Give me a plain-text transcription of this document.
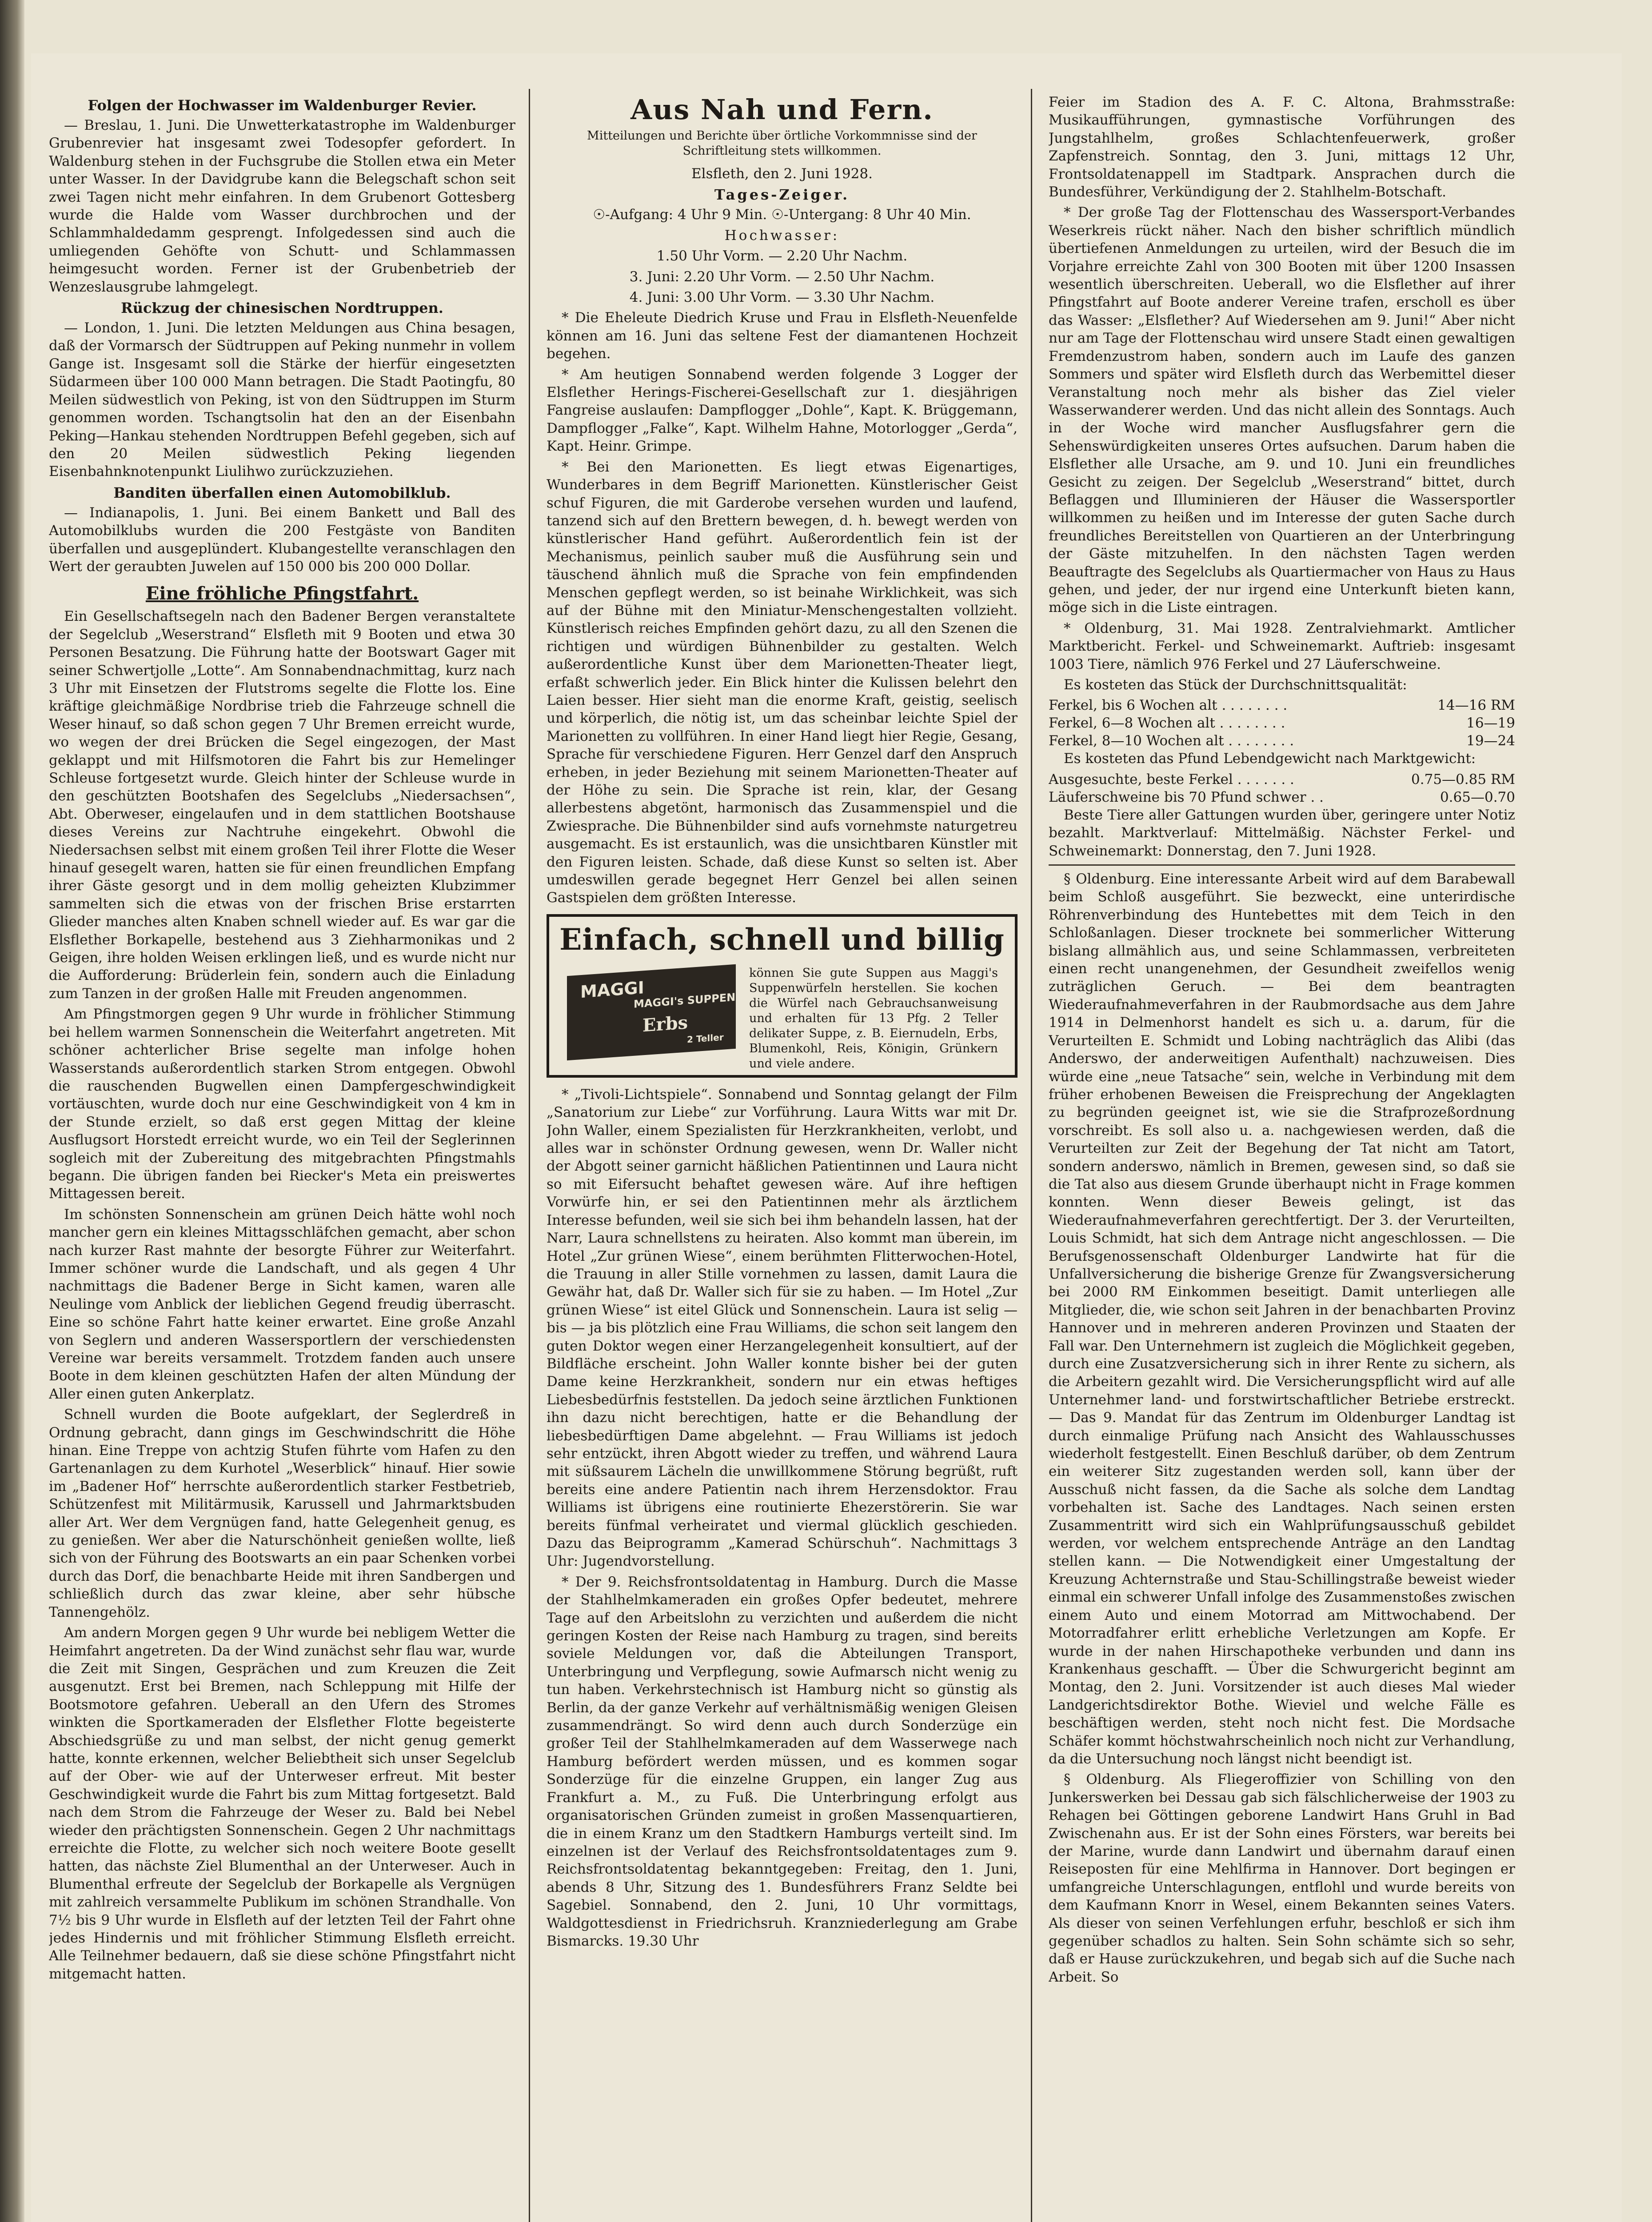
Folgen der Hochwasser im Waldenburger Revier.

— Breslau, 1. Juni. Die Unwetterkatastrophe im Waldenburger Grubenrevier hat insgesamt zwei Todesopfer gefordert. In Waldenburg stehen in der Fuchsgrube die Stollen etwa ein Meter unter Wasser. In der Davidgrube kann die Belegschaft schon seit zwei Tagen nicht mehr einfahren. In dem Grubenort Gottesberg wurde die Halde vom Wasser durchbrochen und der Schlammhaldedamm gesprengt. Infolgedessen sind auch die umliegenden Gehöfte von Schutt- und Schlammassen heimgesucht worden. Ferner ist der Grubenbetrieb der Wenzeslausgrube lahmgelegt.

Rückzug der chinesischen Nordtruppen.

— London, 1. Juni. Die letzten Meldungen aus China besagen, daß der Vormarsch der Südtruppen auf Peking nunmehr in vollem Gange ist. Insgesamt soll die Stärke der hierfür eingesetzten Südarmeen über 100 000 Mann betragen. Die Stadt Paotingfu, 80 Meilen südwestlich von Peking, ist von den Südtruppen im Sturm genommen worden. Tschangtsolin hat den an der Eisenbahn Peking—Hankau stehenden Nordtruppen Befehl gegeben, sich auf den 20 Meilen südwestlich Peking liegenden Eisenbahnknotenpunkt Liulihwo zurückzuziehen.

Banditen überfallen einen Automobilklub.

— Indianapolis, 1. Juni. Bei einem Bankett und Ball des Automobilklubs wurden die 200 Festgäste von Banditen überfallen und ausgeplündert. Klubangestellte veranschlagen den Wert der geraubten Juwelen auf 150 000 bis 200 000 Dollar.

Eine fröhliche Pfingstfahrt.

Ein Gesellschaftsegeln nach den Badener Bergen veranstaltete der Segelclub „Weserstrand“ Elsfleth mit 9 Booten und etwa 30 Personen Besatzung. Die Führung hatte der Bootswart Gager mit seiner Schwertjolle „Lotte“. Am Sonnabendnachmittag, kurz nach 3 Uhr mit Einsetzen der Flutstroms segelte die Flotte los. Eine kräftige gleichmäßige Nordbrise trieb die Fahrzeuge schnell die Weser hinauf, so daß schon gegen 7 Uhr Bremen erreicht wurde, wo wegen der drei Brücken die Segel eingezogen, der Mast geklappt und mit Hilfsmotoren die Fahrt bis zur Hemelinger Schleuse fortgesetzt wurde. Gleich hinter der Schleuse wurde in den geschützten Bootshafen des Segelclubs „Niedersachsen“, Abt. Oberweser, eingelaufen und in dem stattlichen Bootshause dieses Vereins zur Nachtruhe eingekehrt. Obwohl die Niedersachsen selbst mit einem großen Teil ihrer Flotte die Weser hinauf gesegelt waren, hatten sie für einen freundlichen Empfang ihrer Gäste gesorgt und in dem mollig geheizten Klubzimmer sammelten sich die etwas von der frischen Brise erstarrten Glieder manches alten Knaben schnell wieder auf. Es war gar die Elsflether Borkapelle, bestehend aus 3 Ziehharmonikas und 2 Geigen, ihre holden Weisen erklingen ließ, und es wurde nicht nur die Aufforderung: Brüderlein fein, sondern auch die Einladung zum Tanzen in der großen Halle mit Freuden angenommen.

Am Pfingstmorgen gegen 9 Uhr wurde in fröhlicher Stimmung bei hellem warmen Sonnenschein die Weiterfahrt angetreten. Mit schöner achterlicher Brise segelte man infolge hohen Wasserstands außerordentlich starken Strom entgegen. Obwohl die rauschenden Bugwellen einen Dampfergeschwindigkeit vortäuschten, wurde doch nur eine Geschwindigkeit von 4 km in der Stunde erzielt, so daß erst gegen Mittag der kleine Ausflugsort Horstedt erreicht wurde, wo ein Teil der Seglerinnen sogleich mit der Zubereitung des mitgebrachten Pfingstmahls begann. Die übrigen fanden bei Riecker's Meta ein preiswertes Mittagessen bereit.

Im schönsten Sonnenschein am grünen Deich hätte wohl noch mancher gern ein kleines Mittagsschläfchen gemacht, aber schon nach kurzer Rast mahnte der besorgte Führer zur Weiterfahrt. Immer schöner wurde die Landschaft, und als gegen 4 Uhr nachmittags die Badener Berge in Sicht kamen, waren alle Neulinge vom Anblick der lieblichen Gegend freudig überrascht. Eine so schöne Fahrt hatte keiner erwartet. Eine große Anzahl von Seglern und anderen Wassersportlern der verschiedensten Vereine war bereits versammelt. Trotzdem fanden auch unsere Boote in dem kleinen geschützten Hafen der alten Mündung der Aller einen guten Ankerplatz.

Schnell wurden die Boote aufgeklart, der Seglerdreß in Ordnung gebracht, dann gings im Geschwindschritt die Höhe hinan. Eine Treppe von achtzig Stufen führte vom Hafen zu den Gartenanlagen zu dem Kurhotel „Weserblick“ hinauf. Hier sowie im „Badener Hof“ herrschte außerordentlich starker Festbetrieb, Schützenfest mit Militärmusik, Karussell und Jahrmarktsbuden aller Art. Wer dem Vergnügen fand, hatte Gelegenheit genug, es zu genießen. Wer aber die Naturschönheit genießen wollte, ließ sich von der Führung des Bootswarts an ein paar Schenken vorbei durch das Dorf, die benachbarte Heide mit ihren Sandbergen und schließlich durch das zwar kleine, aber sehr hübsche Tannengehölz.

Am andern Morgen gegen 9 Uhr wurde bei nebligem Wetter die Heimfahrt angetreten. Da der Wind zunächst sehr flau war, wurde die Zeit mit Singen, Gesprächen und zum Kreuzen die Zeit ausgenutzt. Erst bei Bremen, nach Schleppung mit Hilfe der Bootsmotore gefahren. Ueberall an den Ufern des Stromes winkten die Sportkameraden der Elsflether Flotte begeisterte Abschiedsgrüße zu und man selbst, der nicht genug gemerkt hatte, konnte erkennen, welcher Beliebtheit sich unser Segelclub auf der Ober- wie auf der Unterweser erfreut. Mit bester Geschwindigkeit wurde die Fahrt bis zum Mittag fortgesetzt. Bald nach dem Strom die Fahrzeuge der Weser zu. Bald bei Nebel wieder den prächtigsten Sonnenschein. Gegen 2 Uhr nachmittags erreichte die Flotte, zu welcher sich noch weitere Boote gesellt hatten, das nächste Ziel Blumenthal an der Unterweser. Auch in Blumenthal erfreute der Segelclub der Borkapelle als Vergnügen mit zahlreich versammelte Publikum im schönen Strandhalle. Von 7½ bis 9 Uhr wurde in Elsfleth auf der letzten Teil der Fahrt ohne jedes Hindernis und mit fröhlicher Stimmung Elsfleth erreicht. Alle Teilnehmer bedauern, daß sie diese schöne Pfingstfahrt nicht mitgemacht hatten.

Aus Nah und Fern.
Mitteilungen und Berichte über örtliche Vorkommnisse sind der Schriftleitung stets willkommen.

Elsfleth, den 2. Juni 1928.

Tages-Zeiger.

☉-Aufgang: 4 Uhr 9 Min. ☉-Untergang: 8 Uhr 40 Min.

Hochwasser:

1.50 Uhr Vorm. — 2.20 Uhr Nachm.

3. Juni: 2.20 Uhr Vorm. — 2.50 Uhr Nachm.

4. Juni: 3.00 Uhr Vorm. — 3.30 Uhr Nachm.

* Die Eheleute Diedrich Kruse und Frau in Elsfleth-Neuenfelde können am 16. Juni das seltene Fest der diamantenen Hochzeit begehen.

* Am heutigen Sonnabend werden folgende 3 Logger der Elsflether Herings-Fischerei-Gesellschaft zur 1. diesjährigen Fangreise auslaufen: Dampflogger „Dohle“, Kapt. K. Brüggemann, Dampflogger „Falke“, Kapt. Wilhelm Hahne, Motorlogger „Gerda“, Kapt. Heinr. Grimpe.

* Bei den Marionetten. Es liegt etwas Eigenartiges, Wunderbares in dem Begriff Marionetten. Künstlerischer Geist schuf Figuren, die mit Garderobe versehen wurden und laufend, tanzend sich auf den Brettern bewegen, d. h. bewegt werden von künstlerischer Hand geführt. Außerordentlich fein ist der Mechanismus, peinlich sauber muß die Ausführung sein und täuschend ähnlich muß die Sprache von fein empfindenden Menschen gepflegt werden, so ist beinahe Wirklichkeit, was sich auf der Bühne mit den Miniatur-Menschengestalten vollzieht. Künstlerisch reiches Empfinden gehört dazu, zu all den Szenen die richtigen und würdigen Bühnenbilder zu gestalten. Welch außerordentliche Kunst über dem Marionetten-Theater liegt, erfaßt schwerlich jeder. Ein Blick hinter die Kulissen belehrt den Laien besser. Hier sieht man die enorme Kraft, geistig, seelisch und körperlich, die nötig ist, um das scheinbar leichte Spiel der Marionetten zu vollführen. In einer Hand liegt hier Regie, Gesang, Sprache für verschiedene Figuren. Herr Genzel darf den Anspruch erheben, in jeder Beziehung mit seinem Marionetten-Theater auf der Höhe zu sein. Die Sprache ist rein, klar, der Gesang allerbestens abgetönt, harmonisch das Zusammenspiel und die Zwiesprache. Die Bühnenbilder sind aufs vornehmste naturgetreu ausgemacht. Es ist erstaunlich, was die unsichtbaren Künstler mit den Figuren leisten. Schade, daß diese Kunst so selten ist. Aber umdeswillen gerade begegnet Herr Genzel bei allen seinen Gastspielen dem größten Interesse.

Einfach, schnell und billig
MAGGI
MAGGI's SUPPEN
Erbs
2 Teller
können Sie gute Suppen aus Maggi's Suppenwürfeln herstellen. Sie kochen die Würfel nach Gebrauchsanweisung und erhalten für 13 Pfg. 2 Teller delikater Suppe, z. B. Eiernudeln, Erbs, Blumenkohl, Reis, Königin, Grünkern und viele andere.

* „Tivoli-Lichtspiele“. Sonnabend und Sonntag gelangt der Film „Sanatorium zur Liebe“ zur Vorführung. Laura Witts war mit Dr. John Waller, einem Spezialisten für Herzkrankheiten, verlobt, und alles war in schönster Ordnung gewesen, wenn Dr. Waller nicht der Abgott seiner garnicht häßlichen Patientinnen und Laura nicht so mit Eifersucht behaftet gewesen wäre. Auf ihre heftigen Vorwürfe hin, er sei den Patientinnen mehr als ärztlichem Interesse befunden, weil sie sich bei ihm behandeln lassen, hat der Narr, Laura schnellstens zu heiraten. Also kommt man überein, im Hotel „Zur grünen Wiese“, einem berühmten Flitterwochen-Hotel, die Trauung in aller Stille vornehmen zu lassen, damit Laura die Gewähr hat, daß Dr. Waller sich für sie zu haben. — Im Hotel „Zur grünen Wiese“ ist eitel Glück und Sonnenschein. Laura ist selig — bis — ja bis plötzlich eine Frau Williams, die schon seit langem den guten Doktor wegen einer Herzangelegenheit konsultiert, auf der Bildfläche erscheint. John Waller konnte bisher bei der guten Dame keine Herzkrankheit, sondern nur ein etwas heftiges Liebesbedürfnis feststellen. Da jedoch seine ärztlichen Funktionen ihn dazu nicht berechtigen, hatte er die Behandlung der liebesbedürftigen Dame abgelehnt. — Frau Williams ist jedoch sehr entzückt, ihren Abgott wieder zu treffen, und während Laura mit süßsaurem Lächeln die unwillkommene Störung begrüßt, ruft bereits eine andere Patientin nach ihrem Herzensdoktor. Frau Williams ist übrigens eine routinierte Ehezerstörerin. Sie war bereits fünfmal verheiratet und viermal glücklich geschieden. Dazu das Beiprogramm „Kamerad Schürschuh“. Nachmittags 3 Uhr: Jugendvorstellung.

* Der 9. Reichsfrontsoldatentag in Hamburg. Durch die Masse der Stahlhelmkameraden ein großes Opfer bedeutet, mehrere Tage auf den Arbeitslohn zu verzichten und außerdem die nicht geringen Kosten der Reise nach Hamburg zu tragen, sind bereits soviele Meldungen vor, daß die Abteilungen Transport, Unterbringung und Verpflegung, sowie Aufmarsch nicht wenig zu tun haben. Verkehrstechnisch ist Hamburg nicht so günstig als Berlin, da der ganze Verkehr auf verhältnismäßig wenigen Gleisen zusammendrängt. So wird denn auch durch Sonderzüge ein großer Teil der Stahlhelmkameraden auf dem Wasserwege nach Hamburg befördert werden müssen, und es kommen sogar Sonderzüge für die einzelne Gruppen, ein langer Zug aus Frankfurt a. M., zu Fuß. Die Unterbringung erfolgt aus organisatorischen Gründen zumeist in großen Massenquartieren, die in einem Kranz um den Stadtkern Hamburgs verteilt sind. Im einzelnen ist der Verlauf des Reichsfrontsoldatentages zum 9. Reichsfrontsoldatentag bekanntgegeben: Freitag, den 1. Juni, abends 8 Uhr, Sitzung des 1. Bundesführers Franz Seldte bei Sagebiel. Sonnabend, den 2. Juni, 10 Uhr vormittags, Waldgottesdienst in Friedrichsruh. Kranzniederlegung am Grabe Bismarcks. 19.30 Uhr

Feier im Stadion des A. F. C. Altona, Brahmsstraße: Musikaufführungen, gymnastische Vorführungen des Jungstahlhelm, großes Schlachtenfeuerwerk, großer Zapfenstreich. Sonntag, den 3. Juni, mittags 12 Uhr, Frontsoldatenappell im Stadtpark. Ansprachen durch die Bundesführer, Verkündigung der 2. Stahlhelm-Botschaft.

* Der große Tag der Flottenschau des Wassersport-Verbandes Weserkreis rückt näher. Nach den bisher schriftlich mündlich übertiefenen Anmeldungen zu urteilen, wird der Besuch die im Vorjahre erreichte Zahl von 300 Booten mit über 1200 Insassen wesentlich überschreiten. Ueberall, wo die Elsflether auf ihrer Pfingstfahrt auf Boote anderer Vereine trafen, erscholl es über das Wasser: „Elsflether? Auf Wiedersehen am 9. Juni!“ Aber nicht nur am Tage der Flottenschau wird unsere Stadt einen gewaltigen Fremdenzustrom haben, sondern auch im Laufe des ganzen Sommers und später wird Elsfleth durch das Werbemittel dieser Veranstaltung noch mehr als bisher das Ziel vieler Wasserwanderer werden. Und das nicht allein des Sonntags. Auch in der Woche wird mancher Ausflugsfahrer gern die Sehenswürdigkeiten unseres Ortes aufsuchen. Darum haben die Elsflether alle Ursache, am 9. und 10. Juni ein freundliches Gesicht zu zeigen. Der Segelclub „Weserstrand“ bittet, durch Beflaggen und Illuminieren der Häuser die Wassersportler willkommen zu heißen und im Interesse der guten Sache durch freundliches Bereitstellen von Quartieren an der Unterbringung der Gäste mitzuhelfen. In den nächsten Tagen werden Beauftragte des Segelclubs als Quartiermacher von Haus zu Haus gehen, und jeder, der nur irgend eine Unterkunft bieten kann, möge sich in die Liste eintragen.

* Oldenburg, 31. Mai 1928. Zentralviehmarkt. Amtlicher Marktbericht. Ferkel- und Schweinemarkt. Auftrieb: insgesamt 1003 Tiere, nämlich 976 Ferkel und 27 Läuferschweine.

Es kosteten das Stück der Durchschnittsqualität:

Ferkel, bis 6 Wochen alt . . . . . . . .	14—16 RM
Ferkel, 6—8 Wochen alt . . . . . . . .	16—19
Ferkel, 8—10 Wochen alt . . . . . . . .	19—24

Es kosteten das Pfund Lebendgewicht nach Marktgewicht:

Ausgesuchte, beste Ferkel . . . . . . .	0.75—0.85 RM
Läuferschweine bis 70 Pfund schwer . .	0.65—0.70

Beste Tiere aller Gattungen wurden über, geringere unter Notiz bezahlt. Marktverlauf: Mittelmäßig. Nächster Ferkel- und Schweinemarkt: Donnerstag, den 7. Juni 1928.

§ Oldenburg. Eine interessante Arbeit wird auf dem Barabewall beim Schloß ausgeführt. Sie bezweckt, eine unterirdische Röhrenverbindung des Huntebettes mit dem Teich in den Schloßanlagen. Dieser trocknete bei sommerlicher Witterung bislang allmählich aus, und seine Schlammassen, verbreiteten einen recht unangenehmen, der Gesundheit zweifellos wenig zuträglichen Geruch. — Bei dem beantragten Wiederaufnahmeverfahren in der Raubmordsache aus dem Jahre 1914 in Delmenhorst handelt es sich u. a. darum, für die Verurteilten E. Schmidt und Lobing nachträglich das Alibi (das Anderswo, der anderweitigen Aufenthalt) nachzuweisen. Dies würde eine „neue Tatsache“ sein, welche in Verbindung mit dem früher erhobenen Beweisen die Freisprechung der Angeklagten zu begründen geeignet ist, wie sie die Strafprozeßordnung vorschreibt. Es soll also u. a. nachgewiesen werden, daß die Verurteilten zur Zeit der Begehung der Tat nicht am Tatort, sondern anderswo, nämlich in Bremen, gewesen sind, so daß sie die Tat also aus diesem Grunde überhaupt nicht in Frage kommen konnten. Wenn dieser Beweis gelingt, ist das Wiederaufnahmeverfahren gerechtfertigt. Der 3. der Verurteilten, Louis Schmidt, hat sich dem Antrage nicht angeschlossen. — Die Berufsgenossenschaft Oldenburger Landwirte hat für die Unfallversicherung die bisherige Grenze für Zwangsversicherung bei 2000 RM Einkommen beseitigt. Damit unterliegen alle Mitglieder, die, wie schon seit Jahren in der benachbarten Provinz Hannover und in mehreren anderen Provinzen und Staaten der Fall war. Den Unternehmern ist zugleich die Möglichkeit gegeben, durch eine Zusatzversicherung sich in ihrer Rente zu sichern, als die Arbeitern gezahlt wird. Die Versicherungspflicht wird auf alle Unternehmer land- und forstwirtschaftlicher Betriebe erstreckt. — Das 9. Mandat für das Zentrum im Oldenburger Landtag ist durch einmalige Prüfung nach Ansicht des Wahlausschusses wiederholt festgestellt. Einen Beschluß darüber, ob dem Zentrum ein weiterer Sitz zugestanden werden soll, kann über der Ausschuß nicht fassen, da die Sache als solche dem Landtag vorbehalten ist. Sache des Landtages. Nach seinen ersten Zusammentritt wird sich ein Wahlprüfungsausschuß gebildet werden, vor welchem entsprechende Anträge an den Landtag stellen kann. — Die Notwendigkeit einer Umgestaltung der Kreuzung Achternstraße und Stau-Schillingstraße beweist wieder einmal ein schwerer Unfall infolge des Zusammenstoßes zwischen einem Auto und einem Motorrad am Mittwochabend. Der Motorradfahrer erlitt erhebliche Verletzungen am Kopfe. Er wurde in der nahen Hirschapotheke verbunden und dann ins Krankenhaus geschafft. — Über die Schwurgericht beginnt am Montag, den 2. Juni. Vorsitzender ist auch dieses Mal wieder Landgerichtsdirektor Bothe. Wieviel und welche Fälle es beschäftigen werden, steht noch nicht fest. Die Mordsache Schäfer kommt höchstwahrscheinlich noch nicht zur Verhandlung, da die Untersuchung noch längst nicht beendigt ist.

§ Oldenburg. Als Fliegeroffizier von Schilling von den Junkerswerken bei Dessau gab sich fälschlicherweise der 1903 zu Rehagen bei Göttingen geborene Landwirt Hans Gruhl in Bad Zwischenahn aus. Er ist der Sohn eines Försters, war bereits bei der Marine, wurde dann Landwirt und übernahm darauf einen Reiseposten für eine Mehlfirma in Hannover. Dort begingen er umfangreiche Unterschlagungen, entflohl und wurde bereits von dem Kaufmann Knorr in Wesel, einem Bekannten seines Vaters. Als dieser von seinen Verfehlungen erfuhr, beschloß er sich ihm gegenüber schadlos zu halten. Sein Sohn schämte sich so sehr, daß er Hause zurückzukehren, und begab sich auf die Suche nach Arbeit. So
